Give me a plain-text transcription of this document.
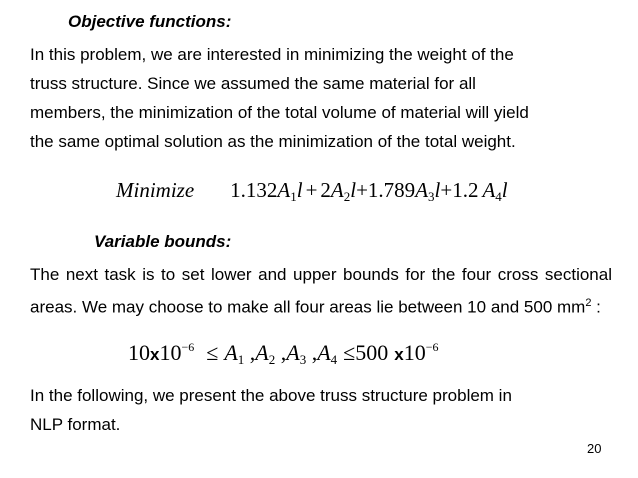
Objective functions:
In this problem, we are interested in minimizing the weight of the
truss structure. Since we assumed the same material for all
members, the minimization of the total volume of material will yield
the same optimal solution as the minimization of the total weight.
Minimize $1.132A_1l + 2A_2l+1.789A_3l+1.2$ $A_4l$
Variable bounds:
The next task is to set lower and upper bounds for the four cross sectional areas. We may choose to make all four areas lie between 10 and 500 $mm^2$ :
$10x10^{-6} \le A_1$ $,A_2$ $,A_3$ $,A_4 \le 500$ $x10^{-6}$
In the following, we present the above truss structure problem in
NLP format.
20
